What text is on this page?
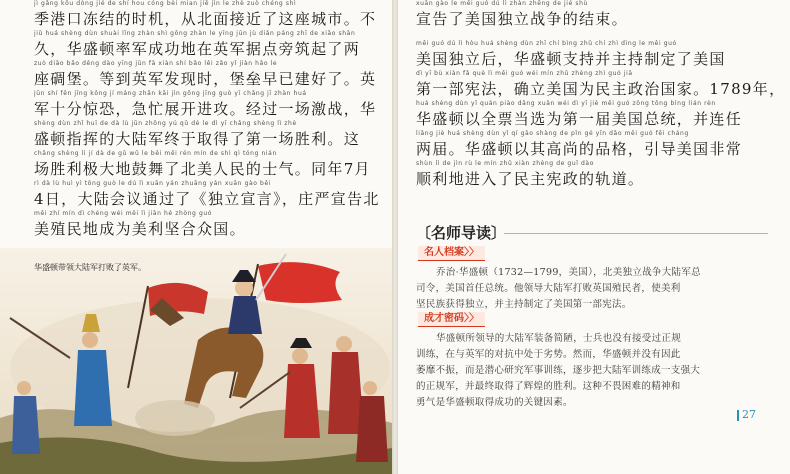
jì gǎng kǒu dòng jié de shí hou cóng bèi mian jiē jìn le zhè zuò chéng shì
季港口冻结的时机，从北面接近了这座城市。不
jiǔ huá shèng dùn shuài lǐng zhàn shì gōng zhàn le yīng jūn jù diǎn páng zhī de xiǎo shān
久，华盛顿率军成功地在英军据点旁筑起了两
zuò diāo bǎo děng dào yīng jūn fā xiàn shí bǎo lěi zǎo yǐ jiàn hǎo le
座碉堡。等到英军发现时，堡垒早已建好了。英
jūn shí fēn jīng kǒng jí máng zhǎn kāi jìn gōng jīng guò yī chǎng jī zhàn huá
军十分惊恐，急忙展开进攻。经过一场激战，华
shèng dùn zhǐ huī de dà lù jūn zhōng yú qǔ dé le dì yī chǎng shèng lì zhè
盛顿指挥的大陆军终于取得了第一场胜利。这
chǎng shèng lì jí dà de gǔ wǔ le běi měi rén mín de shì qì tóng nián
场胜利极大地鼓舞了北美人民的士气。同年7月
rì dà lù huì yì tōng guò le dú lì xuān yán zhuāng yán xuān gào běi
4日，大陆会议通过了《独立宣言》，庄严宣告北
měi zhí mín dì chéng wéi měi lì jiān hé zhòng guó
美殖民地成为美利坚合众国。
华盛顿带领大陆军打败了英军。
xuān gào le měi guó dú lì zhàn zhēng de jié shù
宣告了美国独立战争的结束。
měi guó dú lì hòu huá shèng dùn zhī chí bìng zhǔ chí zhì dìng le měi guó
美国独立后，华盛顿支持并主持制定了美国
dì yī bù xiàn fǎ què lì měi guó wéi mín zhǔ zhèng zhì guó jiā
第一部宪法，确立美国为民主政治国家。1789年，
huá shèng dùn yǐ quán piào dāng xuǎn wéi dì yī jiè měi guó zǒng tǒng bìng lián rèn
华盛顿以全票当选为第一届美国总统，并连任
liǎng jiè huá shèng dùn yǐ qí gāo shàng de pǐn gé yǐn dǎo měi guó fēi cháng
两届。华盛顿以其高尚的品格，引导美国非常
shùn lì de jìn rù le mín zhǔ xiàn zhèng de guǐ dào
顺利地进入了民主宪政的轨道。
〔名师导读〕
名人档案〉〉
乔治·华盛顿（1732—1799，美国），北美独立战争大陆军总
司令，美国首任总统。他领导大陆军打败英国殖民者，使美利
坚民族获得独立，并主持制定了美国第一部宪法。
成才密码〉〉
华盛顿所领导的大陆军装备简陋，士兵也没有接受过正规
训练，在与英军的对抗中处于劣势。然而，华盛顿并没有因此
萎靡不振，而是潜心研究军事训练，逐步把大陆军训练成一支强大
的正规军，并最终取得了辉煌的胜利。这种不畏困难的精神和
勇气是华盛顿取得成功的关键因素。
27
